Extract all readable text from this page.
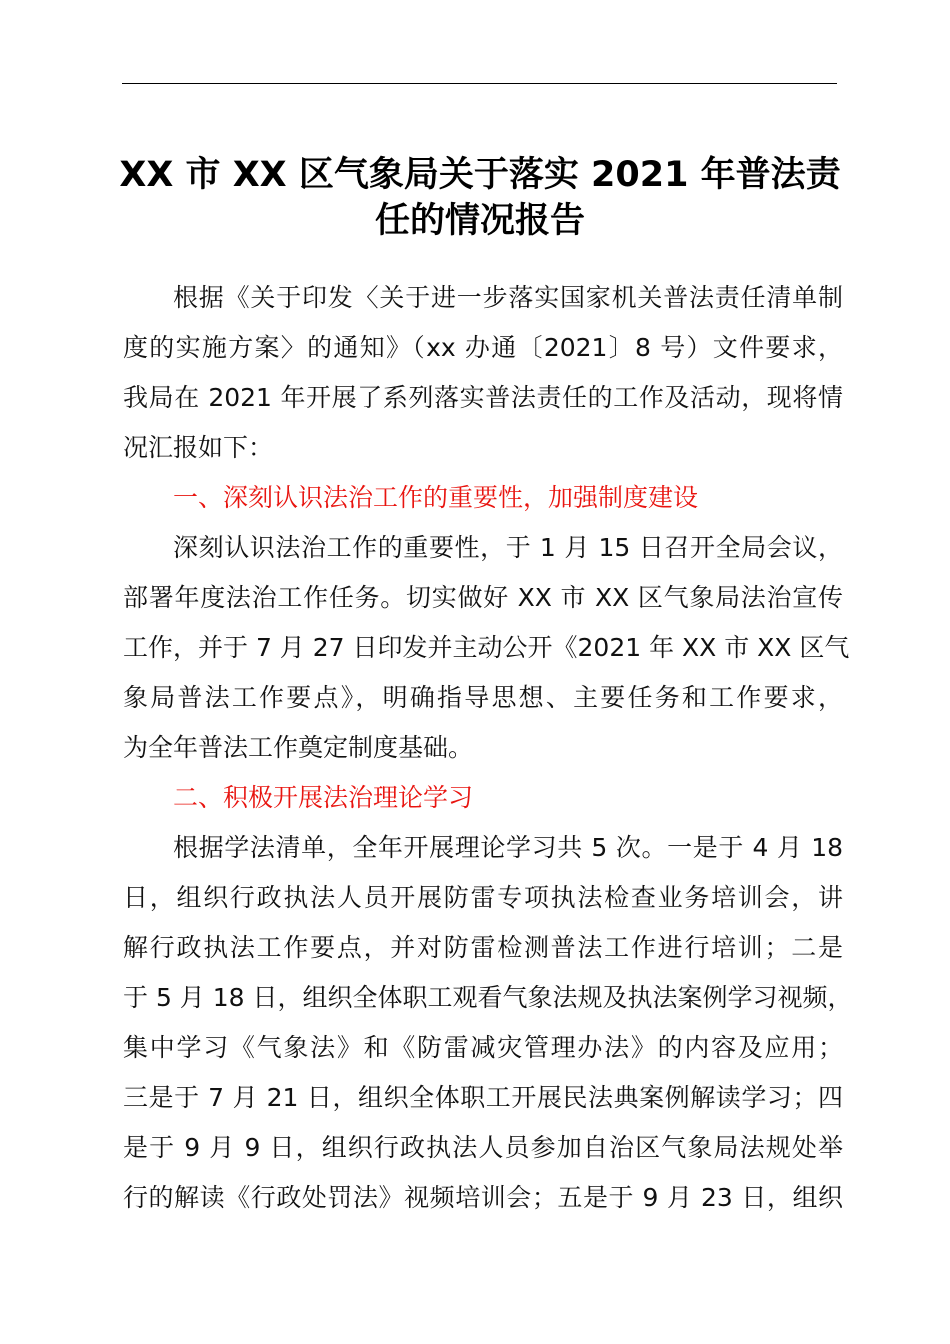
XX 市 XX 区气象局关于落实 2021 年普法责
任的情况报告
根据《关于印发〈关于进一步落实国家机关普法责任清单制
度的实施方案〉的通知》（xx 办通〔2021〕8 号）文件要求，
我局在 2021 年开展了系列落实普法责任的工作及活动，现将情
况汇报如下：
一、深刻认识法治工作的重要性，加强制度建设
深刻认识法治工作的重要性，于 1 月 15 日召开全局会议，
部署年度法治工作任务。切实做好 XX 市 XX 区气象局法治宣传
工作，并于 7 月 27 日印发并主动公开《2021 年 XX 市 XX 区气
象局普法工作要点》，明确指导思想、主要任务和工作要求，
为全年普法工作奠定制度基础。
二、积极开展法治理论学习
根据学法清单，全年开展理论学习共 5 次。一是于 4 月 18
日，组织行政执法人员开展防雷专项执法检查业务培训会，讲
解行政执法工作要点，并对防雷检测普法工作进行培训；二是
于 5 月 18 日，组织全体职工观看气象法规及执法案例学习视频，
集中学习《气象法》和《防雷减灾管理办法》的内容及应用；
三是于 7 月 21 日，组织全体职工开展民法典案例解读学习；四
是于 9 月 9 日，组织行政执法人员参加自治区气象局法规处举
行的解读《行政处罚法》视频培训会；五是于 9 月 23 日，组织
